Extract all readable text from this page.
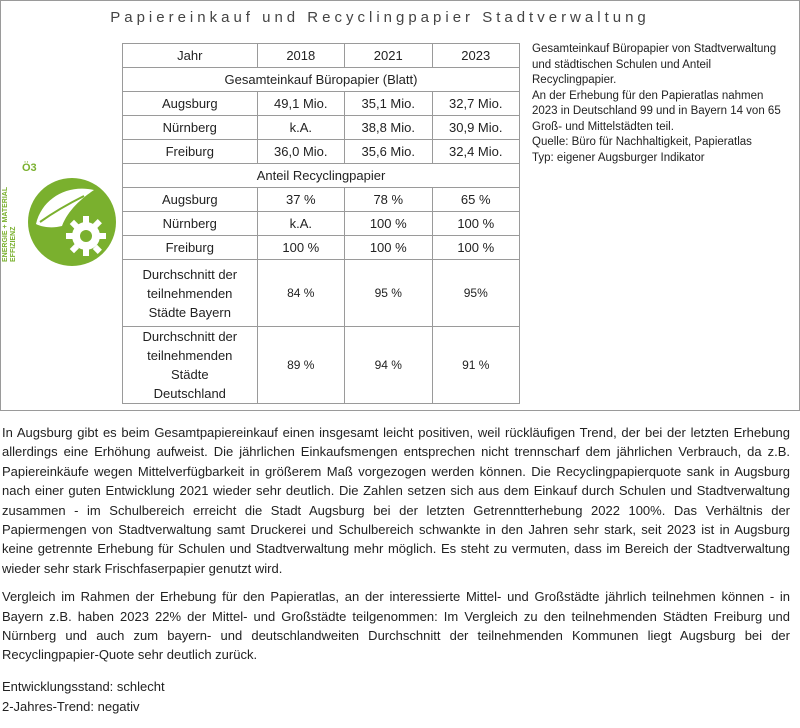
Papiereinkauf und Recyclingpapier Stadtverwaltung
ENERGIE + MATERIAL
EFFIZIENZ
Ö3
Jahr	2018	2021	2023
Gesamteinkauf Büropapier (Blatt)			
Augsburg	49,1 Mio.	35,1 Mio.	32,7 Mio.
Nürnberg	k.A.	38,8 Mio.	30,9 Mio.
Freiburg	36,0 Mio.	35,6 Mio.	32,4 Mio.
Anteil Recyclingpapier			
Augsburg	37 %	78 %	65 %
Nürnberg	k.A.	100 %	100 %
Freiburg	100 %	100 %	100 %
Durchschnitt der
teilnehmenden
Städte Bayern	84 %	95 %	95%
Durchschnitt der
teilnehmenden
Städte
Deutschland	89 %	94 %	91 %

Gesamteinkauf Büropapier von Stadtverwaltung und städtischen Schulen und Anteil Recyclingpapier.

An der Erhebung für den Papieratlas nahmen 2023 in Deutschland 99 und in Bayern 14 von 65 Groß- und Mittelstädten teil.

Quelle: Büro für Nachhaltigkeit, Papieratlas

Typ: eigener Augsburger Indikator

In Augsburg gibt es beim Gesamtpapiereinkauf einen insgesamt leicht positiven, weil rückläufigen Trend, der bei der letzten Erhebung allerdings eine Erhöhung aufweist. Die jährlichen Einkaufsmengen entsprechen nicht trennscharf dem jährlichen Verbrauch, da z.B. Papiereinkäufe wegen Mittelverfügbarkeit in größerem Maß vorgezogen werden können. Die Recyclingpapierquote sank in Augsburg nach einer guten Entwicklung 2021 wieder sehr deutlich. Die Zahlen setzen sich aus dem Einkauf durch Schulen und Stadtverwaltung zusammen - im Schulbereich erreicht die Stadt Augsburg bei der letzten Getrenntterhebung 2022 100%. Das Verhältnis der Papiermengen von Stadtverwaltung samt Druckerei und Schulbereich schwankte in den Jahren sehr stark, seit 2023 ist in Augsburg keine getrennte Erhebung für Schulen und Stadtverwaltung mehr möglich. Es steht zu vermuten, dass im Bereich der Stadtverwaltung wieder sehr stark Frischfaserpapier genutzt wird.

Vergleich im Rahmen der Erhebung für den Papieratlas, an der interessierte Mittel- und Großstädte jährlich teilnehmen können - in Bayern z.B. haben 2023 22% der Mittel- und Großstädte teilgenommen: Im Vergleich zu den teilnehmenden Städten Freiburg und Nürnberg und auch zum bayern- und deutschlandweiten Durchschnitt der teilnehmenden Kommunen liegt Augsburg bei der Recyclingpapier-Quote sehr deutlich zurück.

Entwicklungsstand: schlecht
2-Jahres-Trend: negativ
